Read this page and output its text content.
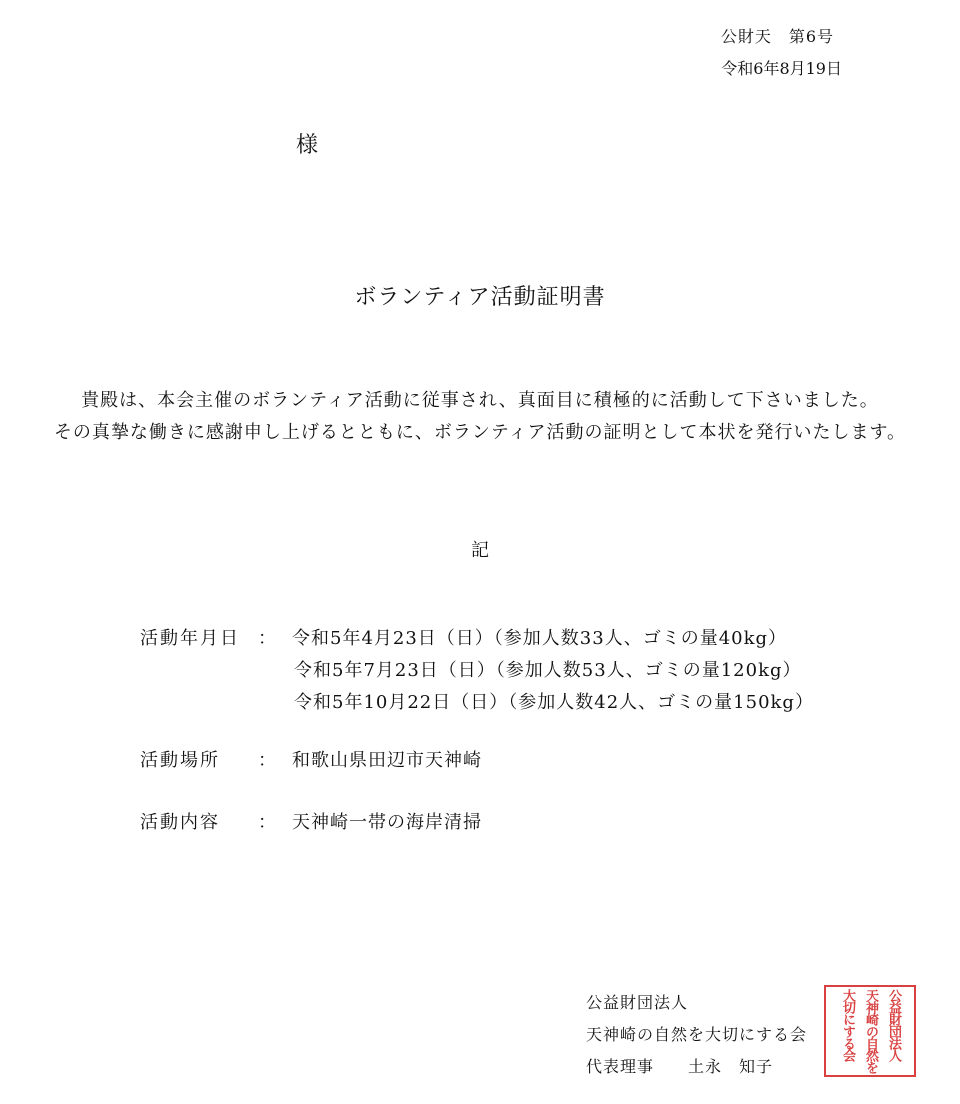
公財天　第6号
令和6年8月19日
様
ボランティア活動証明書
貴殿は、本会主催のボランティア活動に従事され、真面目に積極的に活動して下さいました。
その真摯な働きに感謝申し上げるとともに、ボランティア活動の証明として本状を発行いたします。
記
活動年月日 ： 令和5年4月23日（日）（参加人数33人、ゴミの量40kg）
令和5年7月23日（日）（参加人数53人、ゴミの量120kg）
令和5年10月22日（日）（参加人数42人、ゴミの量150kg）
活動場所 ： 和歌山県田辺市天神崎
活動内容 ： 天神崎一帯の海岸清掃
公益財団法人
天神崎の自然を大切にする会
代表理事　　土永　知子
公益財団法人
天神崎の自然を
大切にする会
